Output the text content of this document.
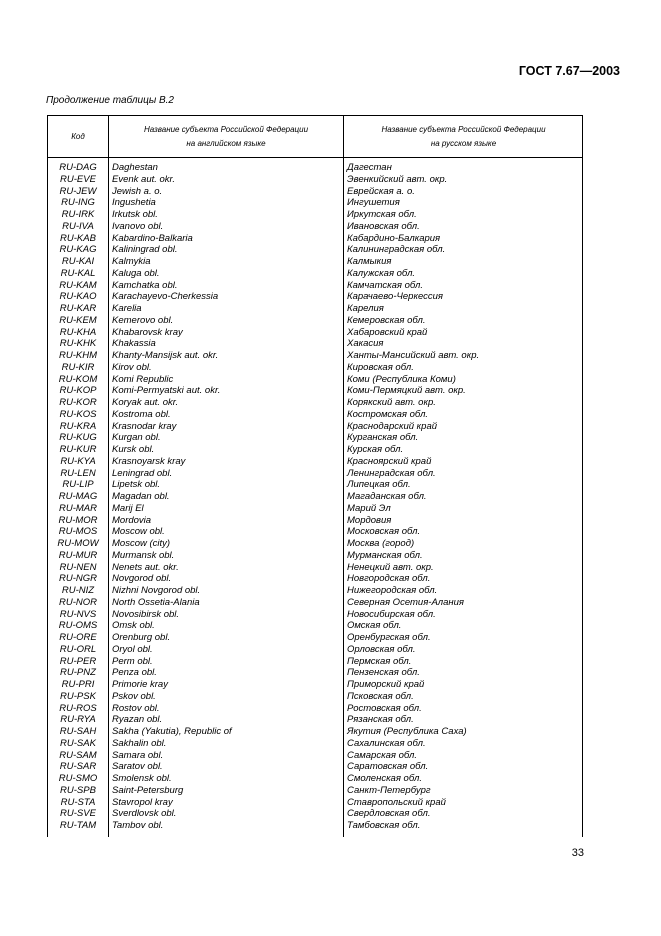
ГОСТ 7.67—2003
Продолжение таблицы В.2
Код
Название субъекта Российской Федерации
на английском языке
Название субъекта Российской Федерации
на русском языке
RU-DAG	Daghestan	Дагестан
RU-EVE	Evenk aut. okr.	Эвенкийский авт. окр.
RU-JEW	Jewish a. o.	Еврейская а. о.
RU-ING	Ingushetia	Ингушетия
RU-IRK	Irkutsk obl.	Иркутская обл.
RU-IVA	Ivanovo obl.	Ивановская обл.
RU-KAB	Kabardino-Balkaria	Кабардино-Балкария
RU-KAG	Kaliningrad obl.	Калининградская обл.
RU-KAI	Kalmykia	Калмыкия
RU-KAL	Kaluga obl.	Калужская обл.
RU-KAM	Kamchatka obl.	Камчатская обл.
RU-KAO	Karachayevo-Cherkessia	Карачаево-Черкессия
RU-KAR	Karelia	Карелия
RU-KEM	Kemerovo obl.	Кемеровская обл.
RU-KHA	Khabarovsk kray	Хабаровский край
RU-KHK	Khakassia	Хакасия
RU-KHM	Khanty-Mansijsk aut. okr.	Ханты-Мансийский авт. окр.
RU-KIR	Kirov obl.	Кировская обл.
RU-KOM	Komi Republic	Коми (Республика Коми)
RU-KOP	Komi-Permyatski aut. okr.	Коми-Пермяцкий авт. окр.
RU-KOR	Koryak aut. okr.	Корякский авт. окр.
RU-KOS	Kostroma obl.	Костромская обл.
RU-KRA	Krasnodar kray	Краснодарский край
RU-KUG	Kurgan obl.	Курганская обл.
RU-KUR	Kursk obl.	Курская обл.
RU-KYA	Krasnoyarsk kray	Красноярский край
RU-LEN	Leningrad obl.	Ленинградская обл.
RU-LIP	Lipetsk obl.	Липецкая обл.
RU-MAG	Magadan obl.	Магаданская обл.
RU-MAR	Marij El	Марий Эл
RU-MOR	Mordovia	Мордовия
RU-MOS	Moscow obl.	Московская обл.
RU-MOW	Moscow (city)	Москва (город)
RU-MUR	Murmansk obl.	Мурманская обл.
RU-NEN	Nenets aut. okr.	Ненецкий авт. окр.
RU-NGR	Novgorod obl.	Новгородская обл.
RU-NIZ	Nizhni Novgorod obl.	Нижегородская обл.
RU-NOR	North Ossetia-Alania	Северная Осетия-Алания
RU-NVS	Novosibirsk obl.	Новосибирская обл.
RU-OMS	Omsk obl.	Омская обл.
RU-ORE	Orenburg obl.	Оренбургская обл.
RU-ORL	Oryol obl.	Орловская обл.
RU-PER	Perm obl.	Пермская обл.
RU-PNZ	Penza obl.	Пензенская обл.
RU-PRI	Primorie kray	Приморский край
RU-PSK	Pskov obl.	Псковская обл.
RU-ROS	Rostov obl.	Ростовская обл.
RU-RYA	Ryazan obl.	Рязанская обл.
RU-SAH	Sakha (Yakutia), Republic of	Якутия (Республика Саха)
RU-SAK	Sakhalin obl.	Сахалинская обл.
RU-SAM	Samara obl.	Самарская обл.
RU-SAR	Saratov obl.	Саратовская обл.
RU-SMO	Smolensk obl.	Смоленская обл.
RU-SPB	Saint-Petersburg	Санкт-Петербург
RU-STA	Stavropol kray	Ставропольский край
RU-SVE	Sverdlovsk obl.	Свердловская обл.
RU-TAM	Tambov obl.	Тамбовская обл.
33
